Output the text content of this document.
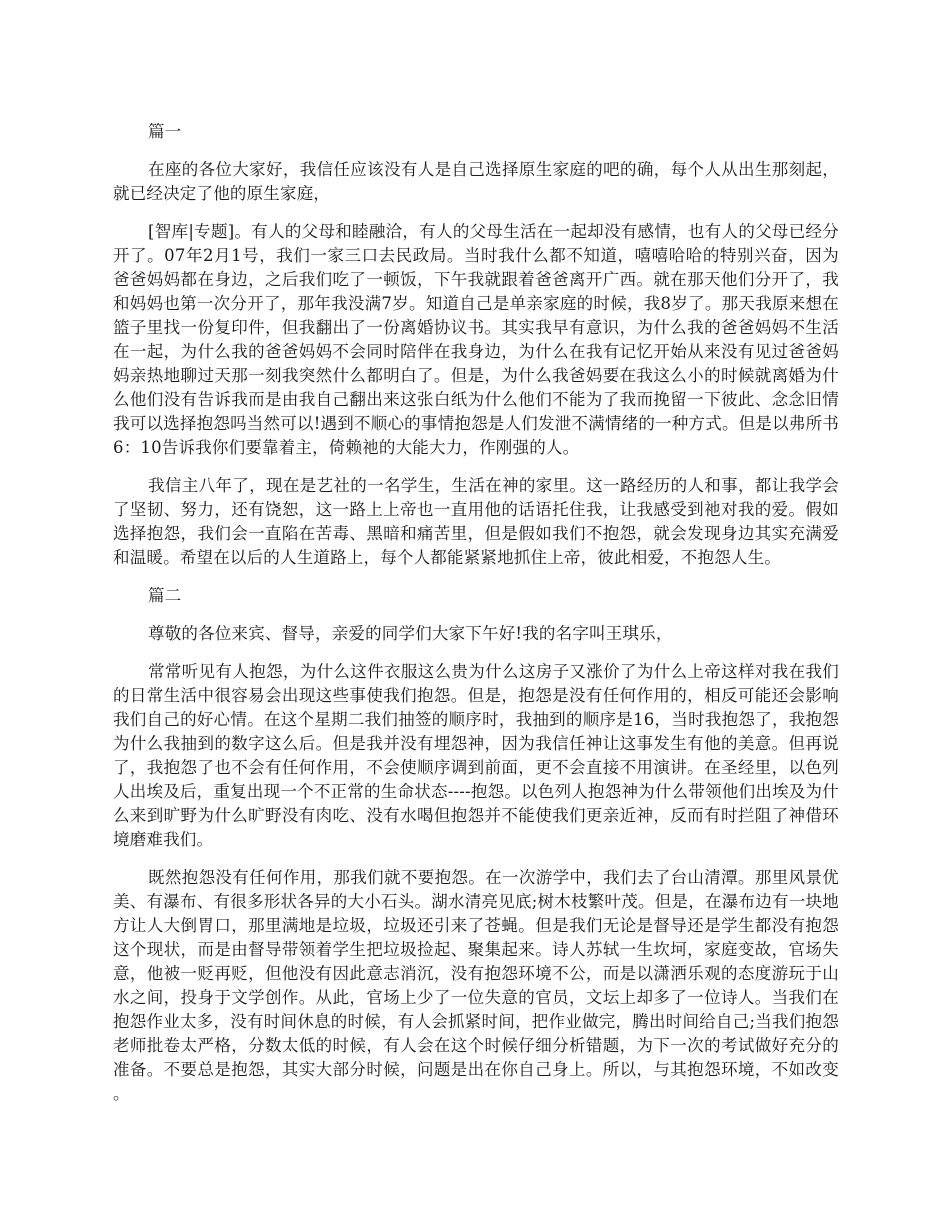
篇一

在座的各位大家好，我信任应该没有人是自己选择原生家庭的吧的确，每个人从出生那刻起，就已经决定了他的原生家庭，

[智库|专题]。有人的父母和睦融洽，有人的父母生活在一起却没有感情，也有人的父母已经分开了。07年2月1号，我们一家三口去民政局。当时我什么都不知道，嘻嘻哈哈的特别兴奋，因为爸爸妈妈都在身边，之后我们吃了一顿饭，下午我就跟着爸爸离开广西。就在那天他们分开了，我和妈妈也第一次分开了，那年我没满7岁。知道自己是单亲家庭的时候，我8岁了。那天我原来想在篮子里找一份复印件，但我翻出了一份离婚协议书。其实我早有意识，为什么我的爸爸妈妈不生活在一起，为什么我的爸爸妈妈不会同时陪伴在我身边，为什么在我有记忆开始从来没有见过爸爸妈妈亲热地聊过天那一刻我突然什么都明白了。但是，为什么我爸妈要在我这么小的时候就离婚为什么他们没有告诉我而是由我自己翻出来这张白纸为什么他们不能为了我而挽留一下彼此、念念旧情我可以选择抱怨吗当然可以!遇到不顺心的事情抱怨是人们发泄不满情绪的一种方式。但是以弗所书6：10告诉我你们要靠着主，倚赖祂的大能大力，作刚强的人。

我信主八年了，现在是艺社的一名学生，生活在神的家里。这一路经历的人和事，都让我学会了坚韧、努力，还有饶恕，这一路上上帝也一直用他的话语托住我，让我感受到祂对我的爱。假如选择抱怨，我们会一直陷在苦毒、黑暗和痛苦里，但是假如我们不抱怨，就会发现身边其实充满爱和温暖。希望在以后的人生道路上，每个人都能紧紧地抓住上帝，彼此相爱，不抱怨人生。

篇二

尊敬的各位来宾、督导，亲爱的同学们大家下午好!我的名字叫王琪乐，

常常听见有人抱怨，为什么这件衣服这么贵为什么这房子又涨价了为什么上帝这样对我在我们的日常生活中很容易会出现这些事使我们抱怨。但是，抱怨是没有任何作用的，相反可能还会影响我们自己的好心情。在这个星期二我们抽签的顺序时，我抽到的顺序是16，当时我抱怨了，我抱怨为什么我抽到的数字这么后。但是我并没有埋怨神，因为我信任神让这事发生有他的美意。但再说了，我抱怨了也不会有任何作用，不会使顺序调到前面，更不会直接不用演讲。在圣经里，以色列人出埃及后，重复出现一个不正常的生命状态----抱怨。以色列人抱怨神为什么带领他们出埃及为什么来到旷野为什么旷野没有肉吃、没有水喝但抱怨并不能使我们更亲近神，反而有时拦阻了神借环境磨难我们。

既然抱怨没有任何作用，那我们就不要抱怨。在一次游学中，我们去了台山清潭。那里风景优美、有瀑布、有很多形状各异的大小石头。湖水清亮见底;树木枝繁叶茂。但是，在瀑布边有一块地方让人大倒胃口，那里满地是垃圾，垃圾还引来了苍蝇。但是我们无论是督导还是学生都没有抱怨这个现状，而是由督导带领着学生把垃圾捡起、聚集起来。诗人苏轼一生坎坷，家庭变故，官场失意，他被一贬再贬，但他没有因此意志消沉，没有抱怨环境不公，而是以潇洒乐观的态度游玩于山水之间，投身于文学创作。从此，官场上少了一位失意的官员，文坛上却多了一位诗人。当我们在抱怨作业太多，没有时间休息的时候，有人会抓紧时间，把作业做完，腾出时间给自己;当我们抱怨老师批卷太严格，分数太低的时候，有人会在这个时候仔细分析错题，为下一次的考试做好充分的准备。不要总是抱怨，其实大部分时候，问题是出在你自己身上。所以，与其抱怨环境，不如改变。
